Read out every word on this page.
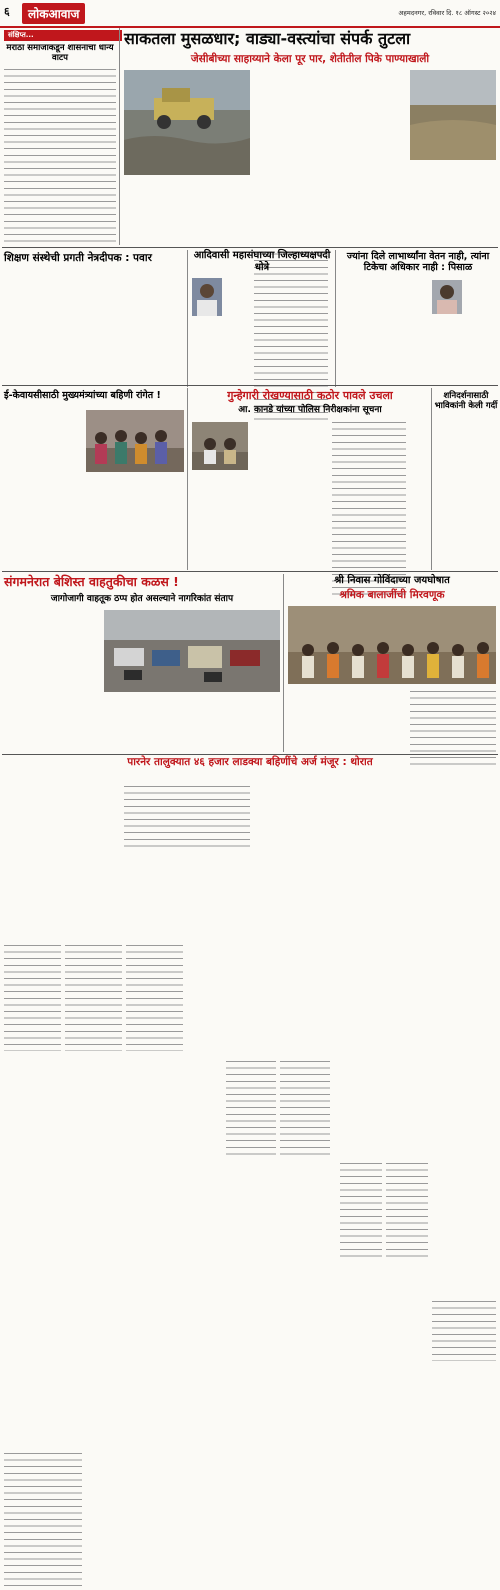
६	लोकआवाज	अहमदनगर, रविवार दि. १८ ऑगस्ट २०२४
संक्षिप्त...
मराठा समाजाकडून शासनाचा धान्य वाटप
साकतला मुसळधार; वाड्या-वस्त्यांचा संपर्क तुटला
जेसीबीच्या साहाय्याने केला पूर पार, शेतीतील पिके पाण्याखाली
शिक्षण संस्थेची प्रगती नेत्रदीपक : पवार	आदिवासी महासंघाच्या जिल्हाध्यक्षपदी धोत्रे
ज्यांना दिले लाभार्थ्यांना वेतन नाही, त्यांना टिकेचा अधिकार नाही : पिसाळ
ई-केवायसीसाठी मुख्यमंत्र्यांच्या बहिणी रांगेत !	गुन्हेगारी रोखण्यासाठी कठोर पावले उचला
आ. कानडे यांच्या पोलिस निरीक्षकांना सूचना
शनिदर्शनासाठी भाविकांनी केली गर्दी
संगमनेरात बेशिस्त वाहतुकीचा कळस !
जागोजागी वाहतूक ठप्प होत असल्याने नागरिकांत संताप
श्री निवास गोविंदाच्या जयघोषात
श्रमिक बालाजींची मिरवणूक
पारनेर तालुक्यात ४६ हजार लाडक्या बहिणींचे अर्ज मंजूर : थोरात
